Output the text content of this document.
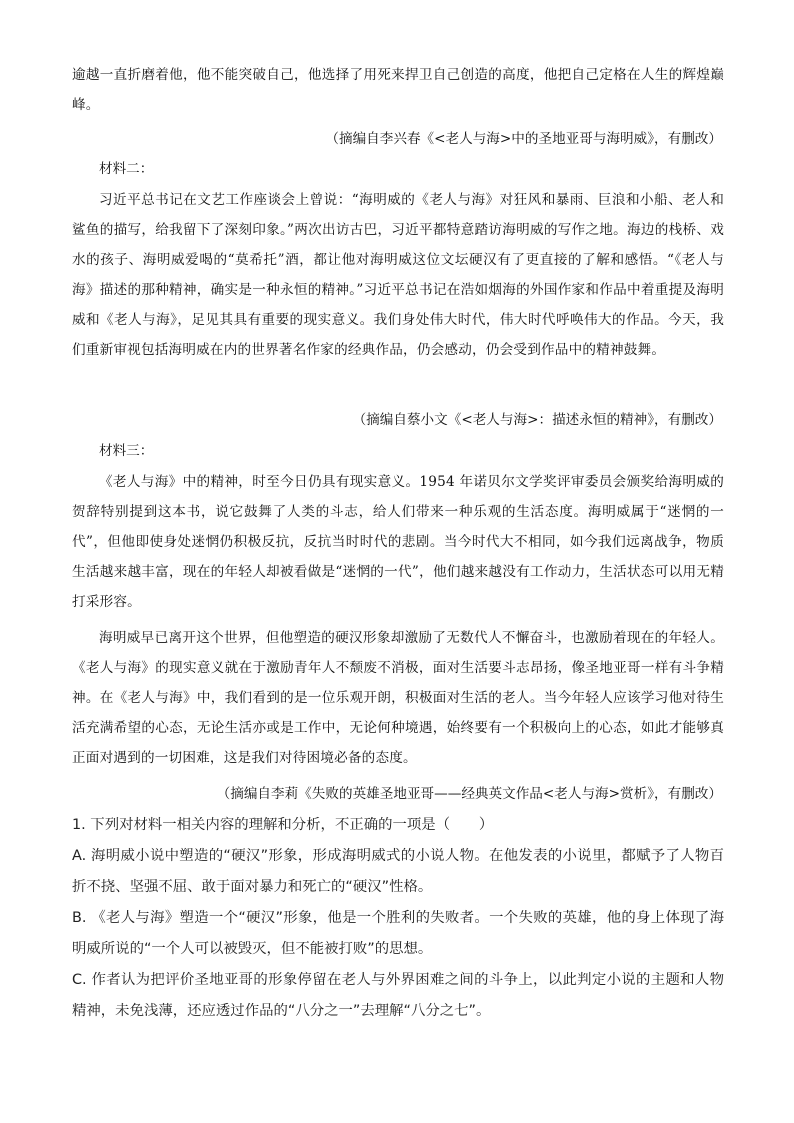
逾越一直折磨着他，他不能突破自己，他选择了用死来捍卫自己创造的高度，他把自己定格在人生的辉煌巅峰。

（摘编自李兴春《<老人与海>中的圣地亚哥与海明威》，有删改）

材料二：

习近平总书记在文艺工作座谈会上曾说：“海明威的《老人与海》对狂风和暴雨、巨浪和小船、老人和鲨鱼的描写，给我留下了深刻印象。”两次出访古巴，习近平都特意踏访海明威的写作之地。海边的栈桥、戏水的孩子、海明威爱喝的“莫希托”酒，都让他对海明威这位文坛硬汉有了更直接的了解和感悟。“《老人与海》描述的那种精神，确实是一种永恒的精神。”习近平总书记在浩如烟海的外国作家和作品中着重提及海明威和《老人与海》，足见其具有重要的现实意义。我们身处伟大时代，伟大时代呼唤伟大的作品。今天，我们重新审视包括海明威在内的世界著名作家的经典作品，仍会感动，仍会受到作品中的精神鼓舞。

（摘编自蔡小文《<老人与海>：描述永恒的精神》，有删改）

材料三：

《老人与海》中的精神，时至今日仍具有现实意义。1954 年诺贝尔文学奖评审委员会颁奖给海明威的贺辞特别提到这本书，说它鼓舞了人类的斗志，给人们带来一种乐观的生活态度。海明威属于“迷惘的一代”，但他即使身处迷惘仍积极反抗，反抗当时时代的悲剧。当今时代大不相同，如今我们远离战争，物质生活越来越丰富，现在的年轻人却被看做是“迷惘的一代”，他们越来越没有工作动力，生活状态可以用无精打采形容。

海明威早已离开这个世界，但他塑造的硬汉形象却激励了无数代人不懈奋斗，也激励着现在的年轻人。《老人与海》的现实意义就在于激励青年人不颓废不消极，面对生活要斗志昂扬，像圣地亚哥一样有斗争精神。在《老人与海》中，我们看到的是一位乐观开朗，积极面对生活的老人。当今年轻人应该学习他对待生活充满希望的心态，无论生活亦或是工作中，无论何种境遇，始终要有一个积极向上的心态，如此才能够真正面对遇到的一切困难，这是我们对待困境必备的态度。

（摘编自李莉《失败的英雄圣地亚哥——经典英文作品<老人与海>赏析》，有删改）

1. 下列对材料一相关内容的理解和分析，不正确的一项是（　　）

A. 海明威小说中塑造的“硬汉”形象，形成海明威式的小说人物。在他发表的小说里，都赋予了人物百折不挠、坚强不屈、敢于面对暴力和死亡的“硬汉”性格。

B. 《老人与海》塑造一个“硬汉”形象，他是一个胜利的失败者。一个失败的英雄，他的身上体现了海明威所说的“一个人可以被毁灭，但不能被打败”的思想。

C. 作者认为把评价圣地亚哥的形象停留在老人与外界困难之间的斗争上，以此判定小说的主题和人物精神，未免浅薄，还应透过作品的“八分之一”去理解“八分之七”。
